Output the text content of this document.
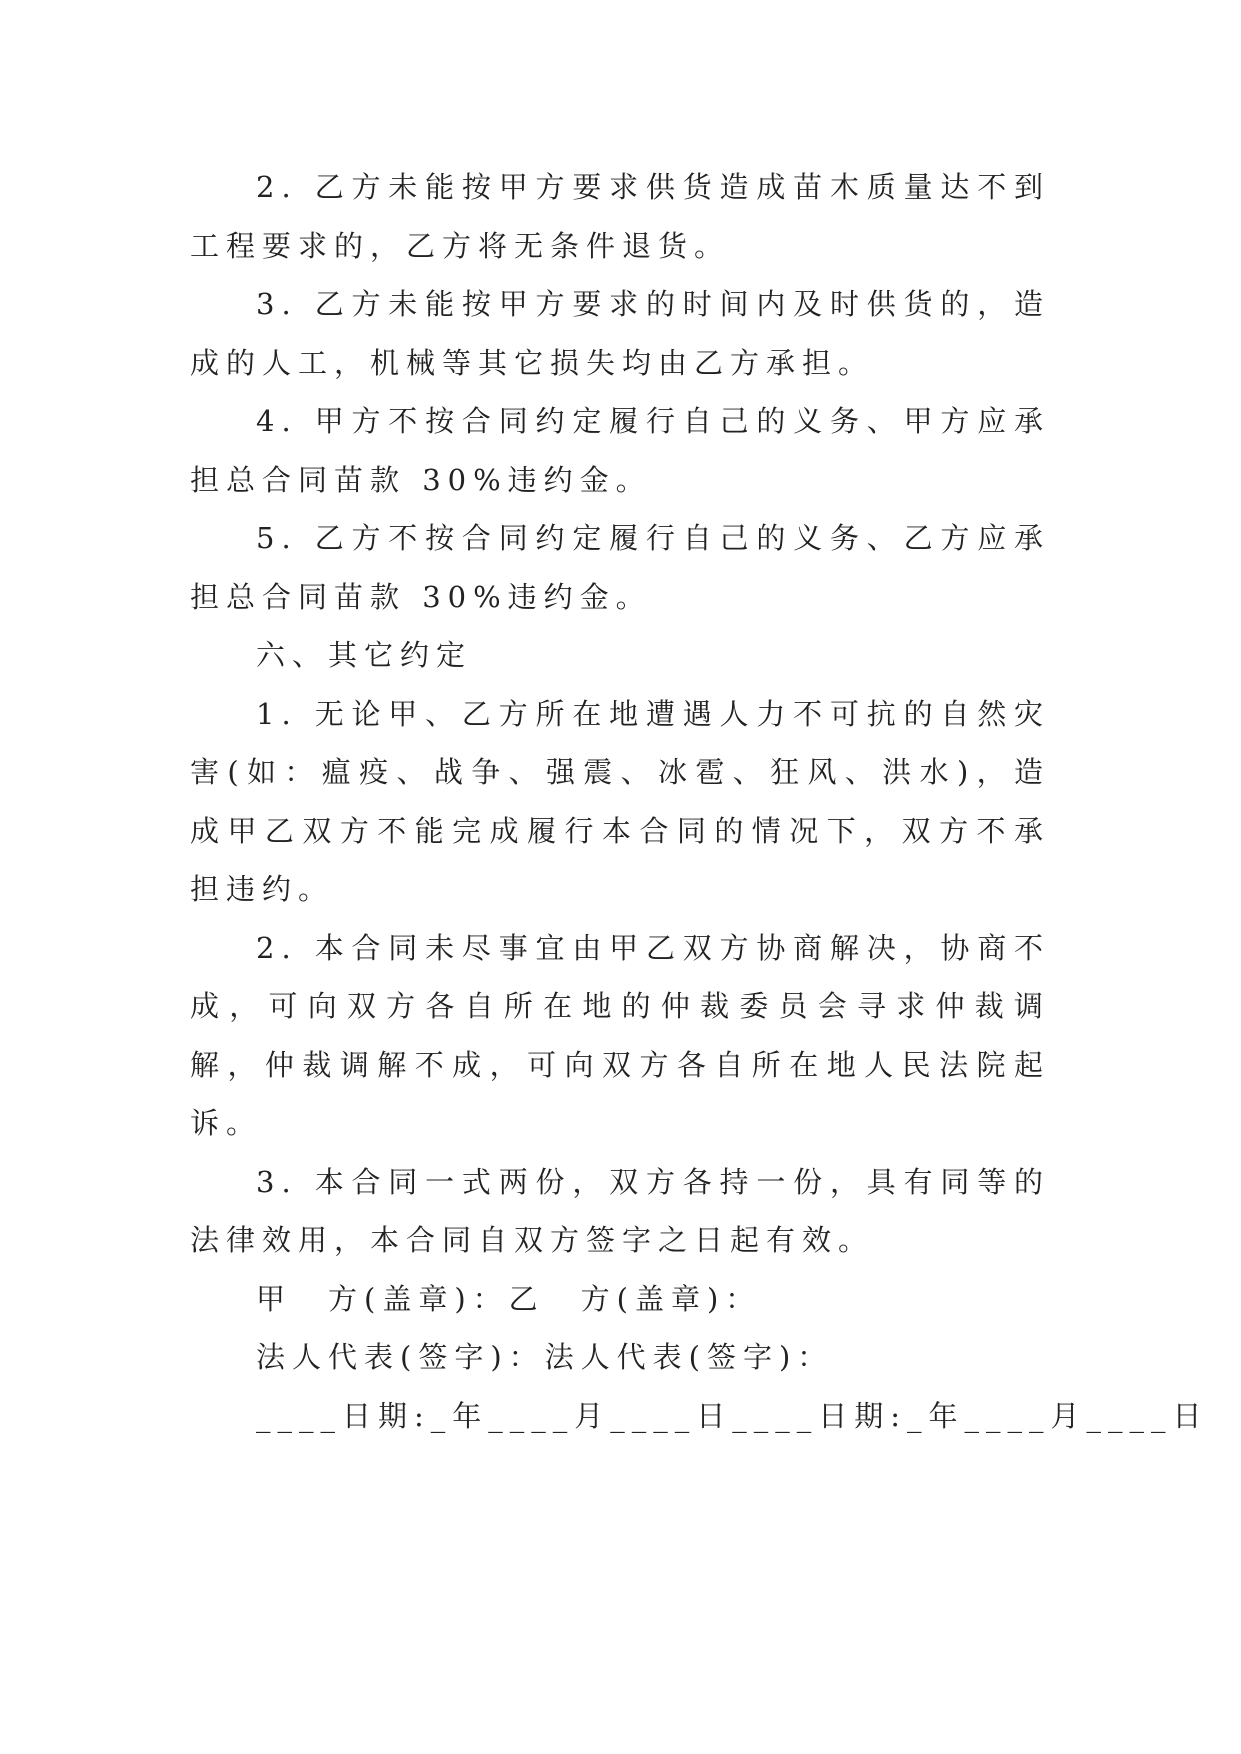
2. 乙方未能按甲方要求供货造成苗木质量达不到工程要求的，乙方将无条件退货。

3. 乙方未能按甲方要求的时间内及时供货的，造成的人工，机械等其它损失均由乙方承担。

4. 甲方不按合同约定履行自己的义务、甲方应承担总合同苗款 30%违约金。

5. 乙方不按合同约定履行自己的义务、乙方应承担总合同苗款 30%违约金。

六、其它约定

1. 无论甲、乙方所在地遭遇人力不可抗的自然灾害(如：瘟疫、战争、强震、冰雹、狂风、洪水)，造成甲乙双方不能完成履行本合同的情况下，双方不承担违约。

2. 本合同未尽事宜由甲乙双方协商解决，协商不成，可向双方各自所在地的仲裁委员会寻求仲裁调解，仲裁调解不成，可向双方各自所在地人民法院起诉。

3. 本合同一式两份，双方各持一份，具有同等的法律效用，本合同自双方签字之日起有效。

甲　方(盖章)：乙　方(盖章)：

法人代表(签字)：法人代表(签字)：

____日期:_年____月____日____日期:_年____月____日
